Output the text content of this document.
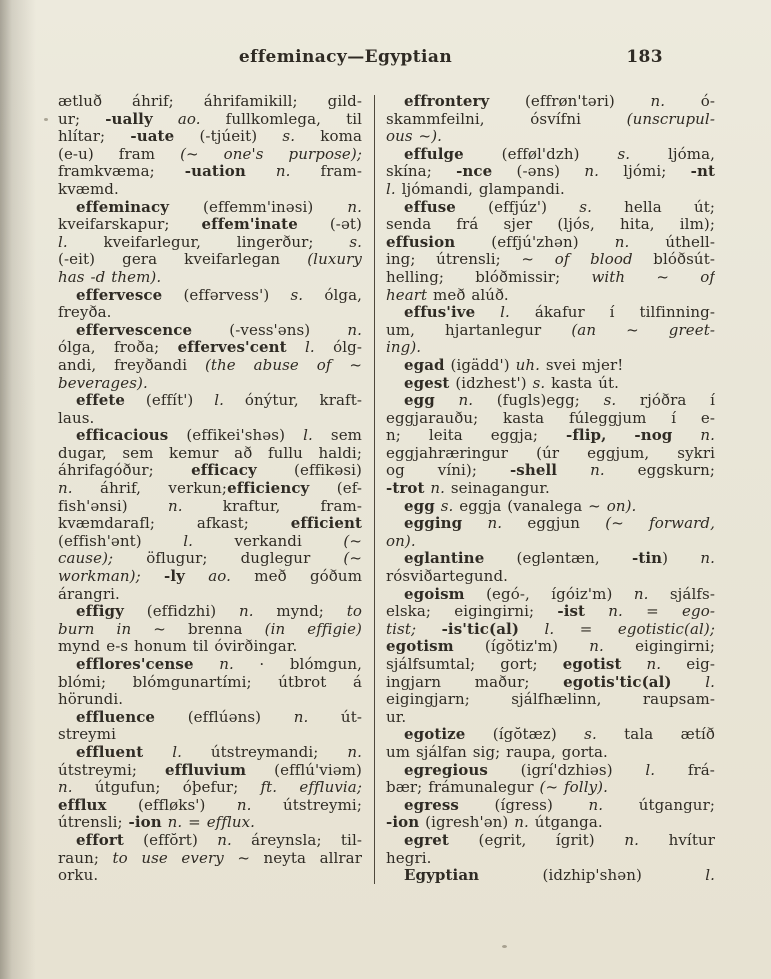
effeminacy—Egyptian	183
ætluð áhrif; áhrifamikill; gild-
ur; -ually ao. fullkomlega, til
hlítar; -uate (-tjúeit) s. koma
(e-u) fram (~ one's purpose);
framkvæma; -uation n. fram-
kvæmd.
effeminacy (effemm'inəsi) n.
kveifarskapur; effem'inate (-ət)
l. kveifarlegur, lingerður; s.
(-eit) gera kveifarlegan (luxury
has -d them).
effervesce (effərvess') s. ólga,
freyða.
effervescence (-vess'əns) n.
ólga, froða; efferves'cent l. ólg-
andi, freyðandi (the abuse of ~
beverages).
effete (effít') l. ónýtur, kraft-
laus.
efficacious (effikei'shəs) l. sem
dugar, sem kemur að fullu haldi;
áhrifagóður; efficacy (effikəsi)
n. áhrif, verkun;efficiency (ef-
fish'ənsi) n. kraftur, fram-
kvæmdarafl; afkast; efficient
(effish'ənt) l. verkandi (~
cause); öflugur; duglegur (~
workman); -ly ao. með góðum
árangri.
effigy (effidzhi) n. mynd; to
burn in ~ brenna (in effigie)
mynd e-s honum til óvirðingar.
efflores'cense n. · blómgun,
blómi; blómgunartími; útbrot á
hörundi.
effluence (efflúəns) n. út-
streymi
effluent l. útstreymandi; n.
útstreymi; effluvium (efflú'viəm)
n. útgufun; óþefur; ft. effluvia;
efflux (effløks') n. útstreymi;
útrensli; -ion n. = efflux.
effort (effŏrt) n. áreynsla; til-
raun; to use every ~ neyta allrar
orku.
effrontery (effrøn'təri) n. ó-
skammfeilni, ósvífni (unscrupul-
ous ~).
effulge (efføl'dzh) s. ljóma,
skína; -nce (-əns) n. ljómi; -nt
l. ljómandi, glampandi.
effuse (effjúz') s. hella út;
senda frá sjer (ljós, hita, ilm);
effusion (effjú'zhən) n. úthell-
ing; útrensli; ~ of blood blóðsút-
helling; blóðmissir; with ~ of
heart með alúð.
effus'ive l. ákafur í tilfinning-
um, hjartanlegur (an ~ greet-
ing).
egad (igädd') uh. svei mjer!
egest (idzhest') s. kasta út.
egg n. (fugls)egg; s. rjóðra í
eggjarauðu; kasta fúleggjum í e-
n; leita eggja; -flip, -nog n.
eggjahræringur (úr eggjum, sykri
og víni); -shell n. eggskurn;
-trot n. seinagangur.
egg s. eggja (vanalega ~ on).
egging n. eggjun (~ forward,
on).
eglantine (egləntæn, -tin) n.
rósviðartegund.
egoism (egó-, ígóiz'm) n. sjálfs-
elska; eigingirni; -ist n. = ego-
tist; -is'tic(al) l. = egotistic(al);
egotism (ígŏtiz'm) n. eigingirni;
sjálfsumtal; gort; egotist n. eig-
ingjarn maður; egotis'tic(al) l.
eigingjarn; sjálfhælinn, raupsam-
ur.
egotize (ígŏtæz) s. tala ætíð
um sjálfan sig; raupa, gorta.
egregious (igrí'dzhiəs) l. frá-
bær; frámunalegur (~ folly).
egress (ígress) n. útgangur;
-ion (igresh'ən) n. útganga.
egret (egrit, ígrit) n. hvítur
hegri.
Egyptian (idzhip'shən) l.
